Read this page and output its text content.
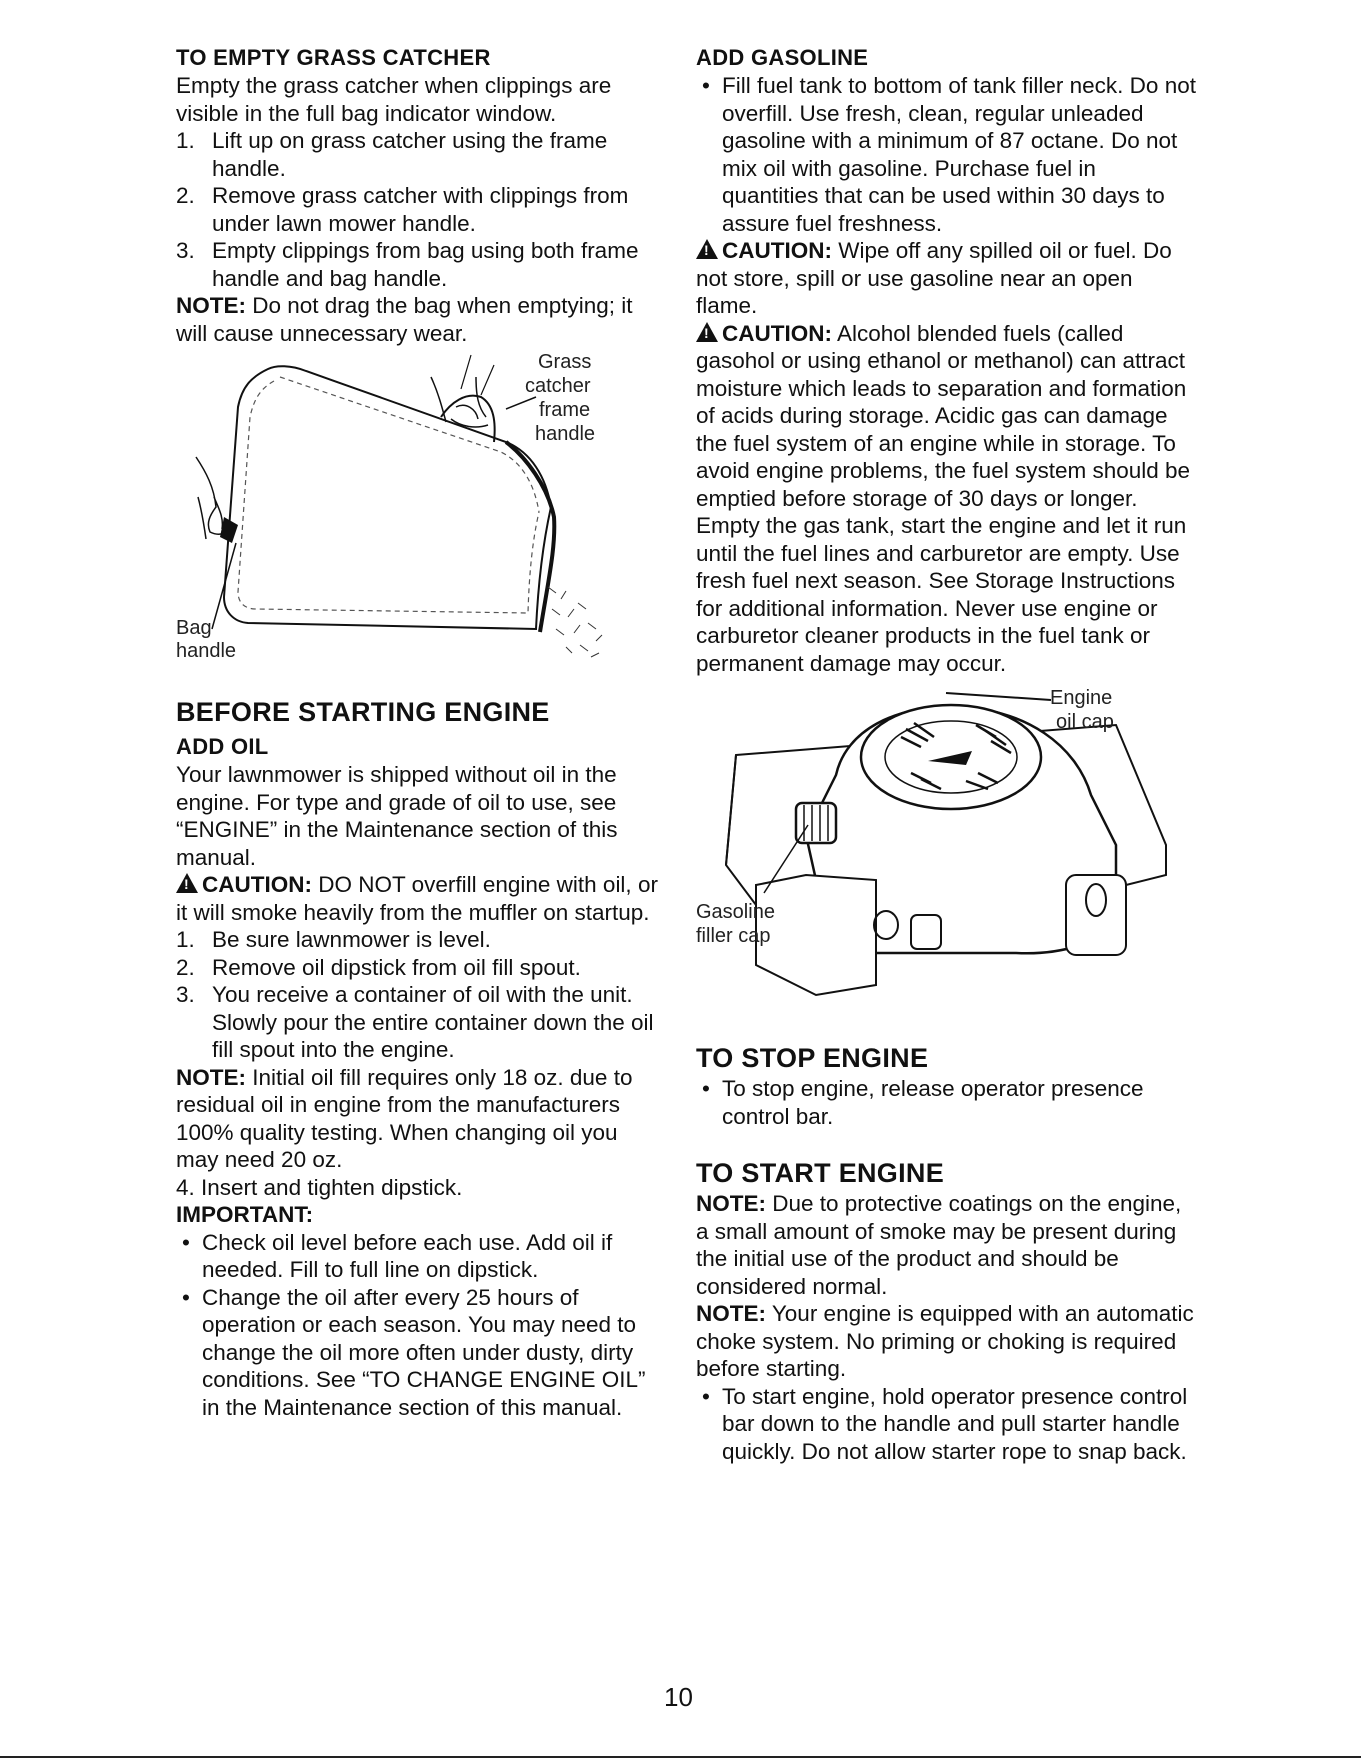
TO EMPTY GRASS CATCHER

Empty the grass catcher when clippings are visible in the full bag indicator window.

1. Lift up on grass catcher using the frame handle.
2. Remove grass catcher with clippings from under lawn mower handle.
3. Empty clippings from bag using both frame handle and bag handle.

NOTE: Do not drag the bag when emptying; it will cause unnecessary wear.

Grass
catcher
frame
handle
Bag
handle
BEFORE STARTING ENGINE
ADD OIL

Your lawnmower is shipped without oil in the engine. For type and grade of oil to use, see “ENGINE” in the Maintenance section of this manual.

!CAUTION: DO NOT overfill engine with oil, or it will smoke heavily from the muffler on startup.

1. Be sure lawnmower is level.
2. Remove oil dipstick from oil fill spout.
3. You receive a container of oil with the unit. Slowly pour the entire container down the oil fill spout into the engine.

NOTE: Initial oil fill requires only 18 oz. due to residual oil in engine from the manufacturers 100% quality testing. When changing oil you may need 20 oz.

4. Insert and tighten dipstick.

IMPORTANT:

• Check oil level before each use. Add oil if needed. Fill to full line on dipstick.
• Change the oil after every 25 hours of operation or each season. You may need to change the oil more often under dusty, dirty conditions. See “TO CHANGE ENGINE OIL” in the Maintenance section of this manual.
ADD GASOLINE
• Fill fuel tank to bottom of tank filler neck. Do not overfill. Use fresh, clean, regular unleaded gasoline with a minimum of 87 octane. Do not mix oil with gasoline. Purchase fuel in quantities that can be used within 30 days to assure fuel freshness.

!CAUTION: Wipe off any spilled oil or fuel. Do not store, spill or use gasoline near an open flame.

!CAUTION: Alcohol blended fuels (called gasohol or using ethanol or methanol) can attract moisture which leads to separation and formation of acids during storage. Acidic gas can damage the fuel system of an engine while in storage. To avoid engine problems, the fuel system should be emptied before storage of 30 days or longer. Empty the gas tank, start the engine and let it run until the fuel lines and carburetor are empty. Use fresh fuel next season. See Storage Instructions for additional information. Never use engine or carburetor cleaner products in the fuel tank or permanent damage may occur.

Engine
oil cap
Gasoline
filler cap
TO STOP ENGINE
• To stop engine, release operator presence control bar.
TO START ENGINE

NOTE: Due to protective coatings on the engine, a small amount of smoke may be present during the initial use of the product and should be considered normal.

NOTE: Your engine is equipped with an automatic choke system. No priming or choking is required before starting.

• To start engine, hold operator presence control bar down to the handle and pull starter handle quickly. Do not allow starter rope to snap back.
10
